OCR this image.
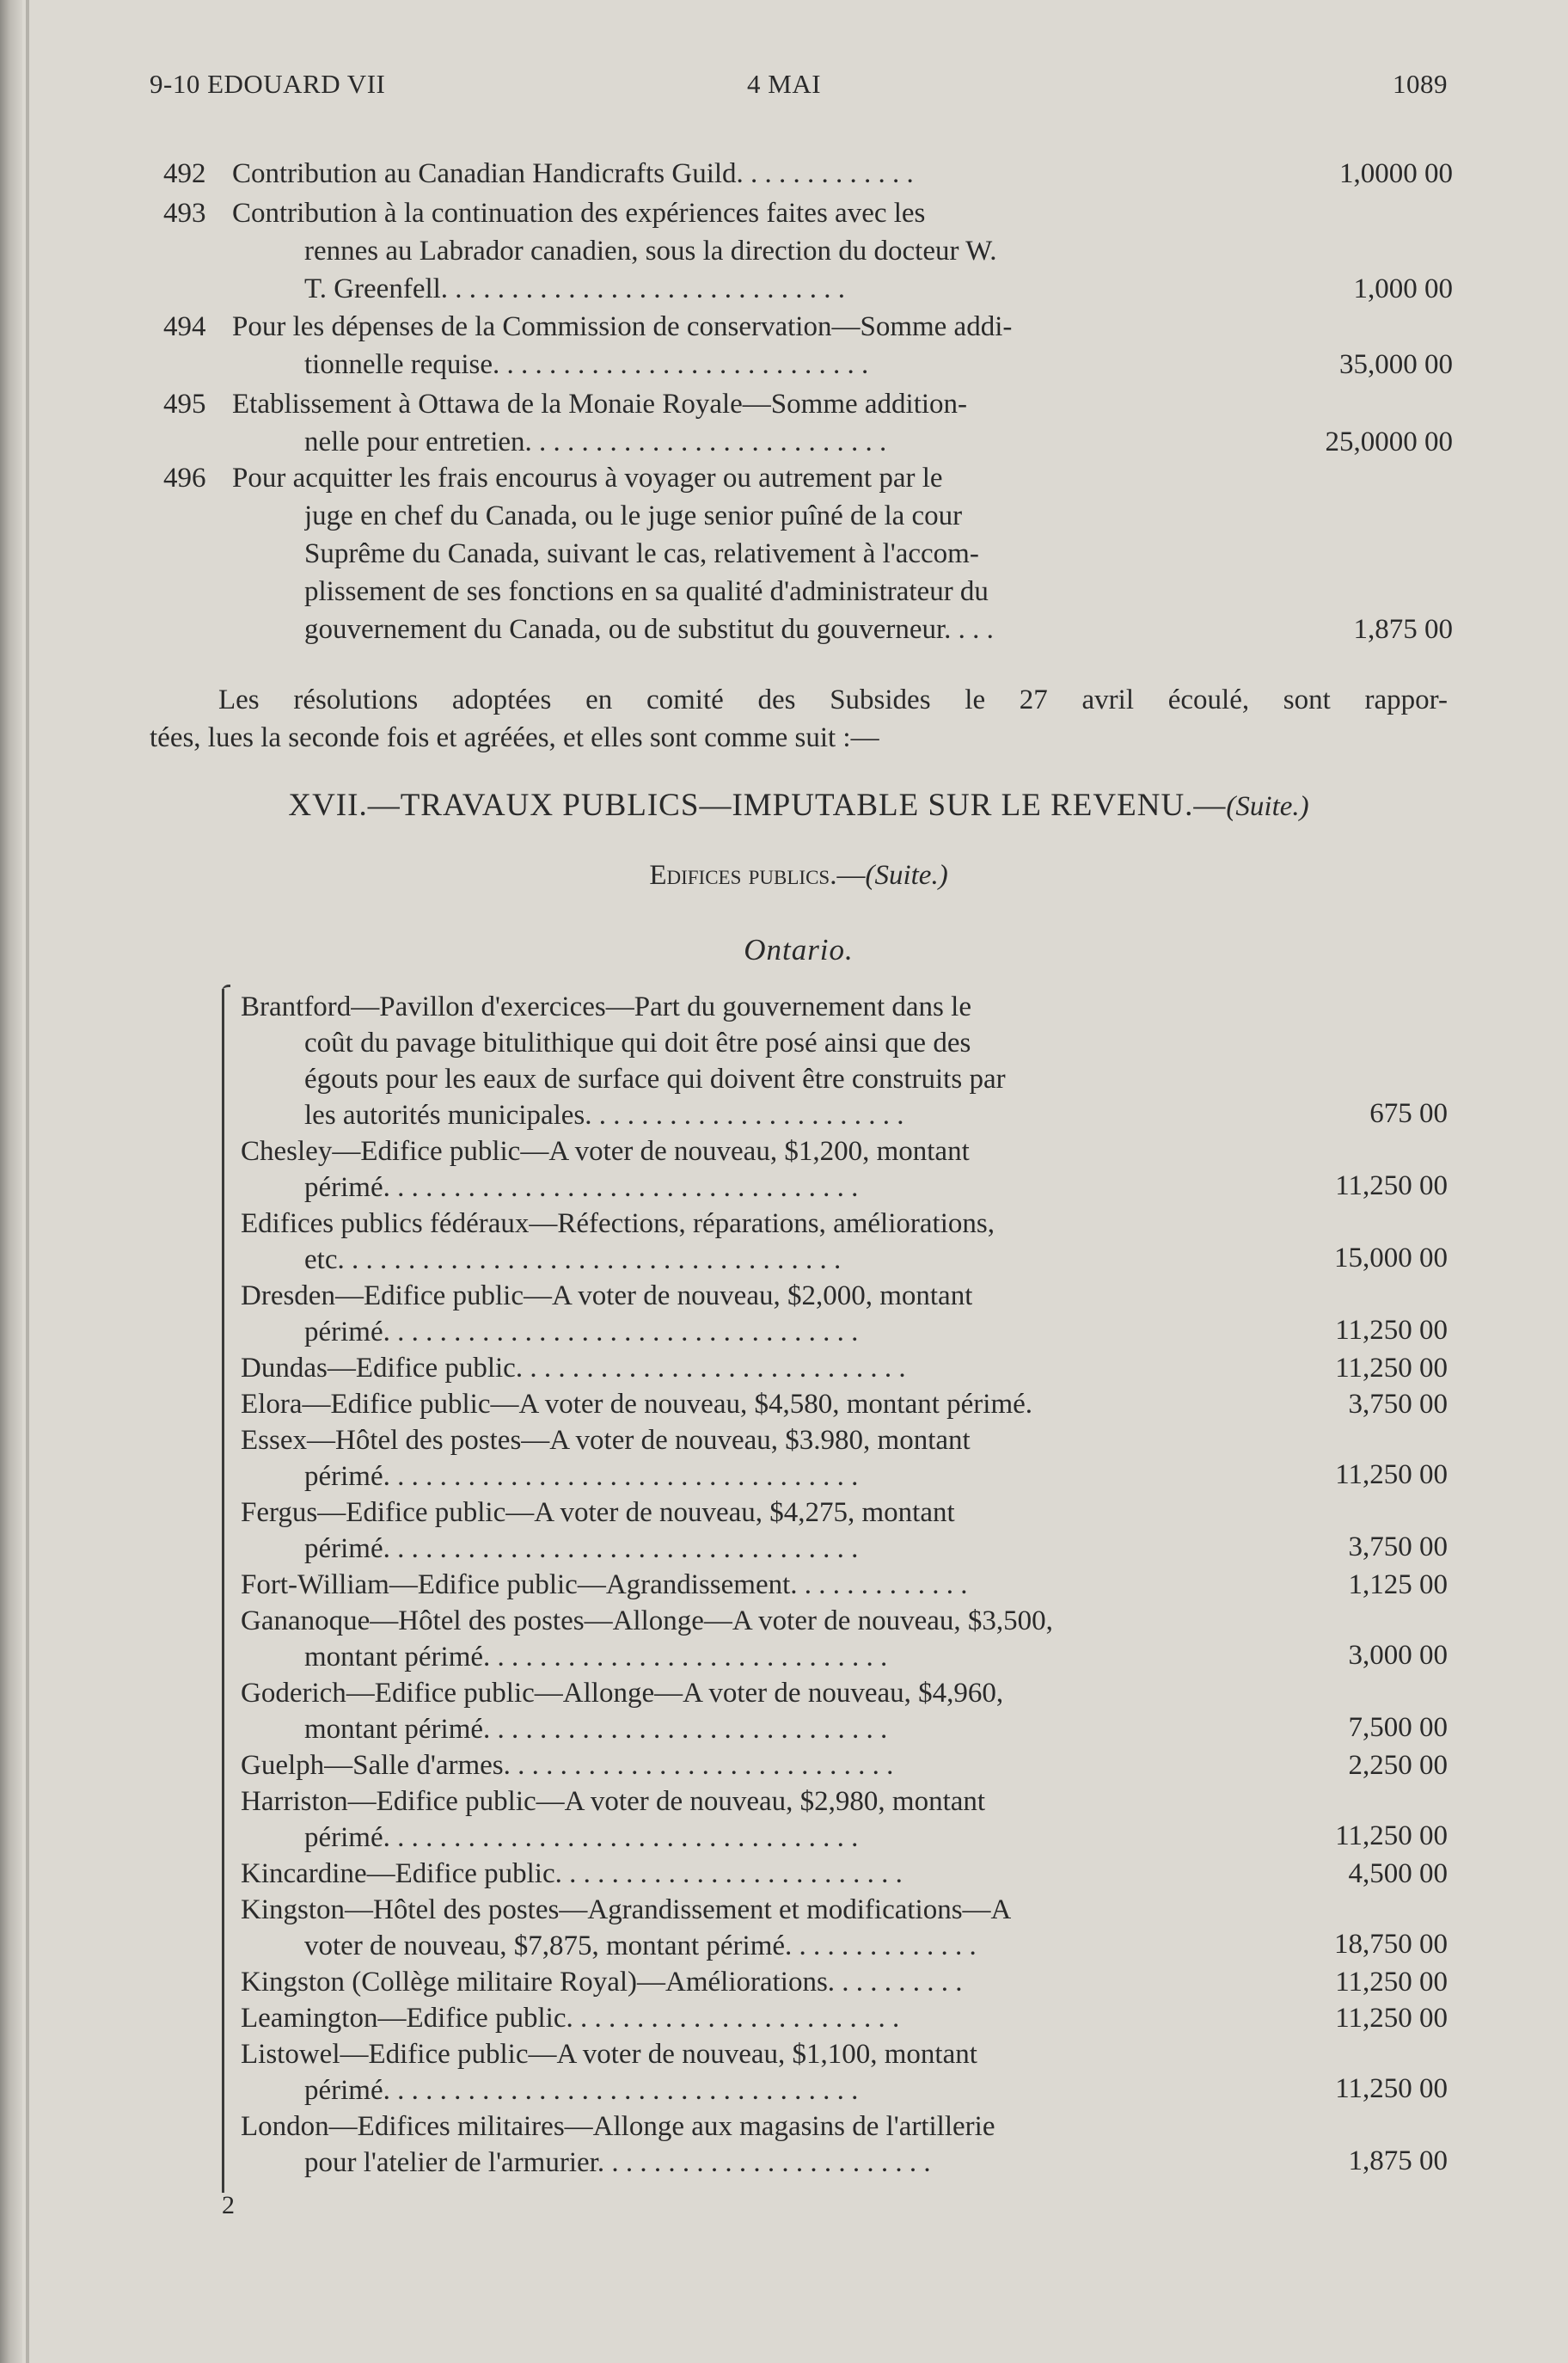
9-10 EDOUARD VII	4 MAI	1089
492 Contribution au Canadian Handicrafts Guild. . . . . . . . . . . . .	1,0000 00
493 Contribution à la continuation des expériences faites avec les
rennes au Labrador canadien, sous la direction du docteur W.
T. Greenfell. . . . . . . . . . . . . . . . . . . . . . . . . . . . .	1,000 00
494 Pour les dépenses de la Commission de conservation—Somme addi-
tionnelle requise. . . . . . . . . . . . . . . . . . . . . . . . . . .	35,000 00
495 Etablissement à Ottawa de la Monaie Royale—Somme addition-
nelle pour entretien. . . . . . . . . . . . . . . . . . . . . . . . . .	25,0000 00
496 Pour acquitter les frais encourus à voyager ou autrement par le
juge en chef du Canada, ou le juge senior puîné de la cour
Suprême du Canada, suivant le cas, relativement à l'accom-
plissement de ses fonctions en sa qualité d'administrateur du
gouvernement du Canada, ou de substitut du gouverneur. . . .	1,875 00
Les résolutions adoptées en comité des Subsides le 27 avril écoulé, sont rappor-
tées, lues la seconde fois et agréées, et elles sont comme suit :—
XVII.—TRAVAUX PUBLICS—IMPUTABLE SUR LE REVENU.—(Suite.)
Edifices publics.—(Suite.)
Ontario.
Brantford—Pavillon d'exercices—Part du gouvernement dans le
coût du pavage bitulithique qui doit être posé ainsi que des
égouts pour les eaux de surface qui doivent être construits par
les autorités municipales. . . . . . . . . . . . . . . . . . . . . . .	675 00
Chesley—Edifice public—A voter de nouveau, $1,200, montant
périmé. . . . . . . . . . . . . . . . . . . . . . . . . . . . . . . . . .	11,250 00
Edifices publics fédéraux—Réfections, réparations, améliorations,
etc. . . . . . . . . . . . . . . . . . . . . . . . . . . . . . . . . . . .	15,000 00
Dresden—Edifice public—A voter de nouveau, $2,000, montant
périmé. . . . . . . . . . . . . . . . . . . . . . . . . . . . . . . . . .	11,250 00
Dundas—Edifice public. . . . . . . . . . . . . . . . . . . . . . . . . . . .	11,250 00
Elora—Edifice public—A voter de nouveau, $4,580, montant périmé.	3,750 00
Essex—Hôtel des postes—A voter de nouveau, $3.980, montant
périmé. . . . . . . . . . . . . . . . . . . . . . . . . . . . . . . . . .	11,250 00
Fergus—Edifice public—A voter de nouveau, $4,275, montant
périmé. . . . . . . . . . . . . . . . . . . . . . . . . . . . . . . . . .	3,750 00
Fort-William—Edifice public—Agrandissement. . . . . . . . . . . . .	1,125 00
Gananoque—Hôtel des postes—Allonge—A voter de nouveau, $3,500,
montant périmé. . . . . . . . . . . . . . . . . . . . . . . . . . . . .	3,000 00
Goderich—Edifice public—Allonge—A voter de nouveau, $4,960,
montant périmé. . . . . . . . . . . . . . . . . . . . . . . . . . . . .	7,500 00
Guelph—Salle d'armes. . . . . . . . . . . . . . . . . . . . . . . . . . . .	2,250 00
Harriston—Edifice public—A voter de nouveau, $2,980, montant
périmé. . . . . . . . . . . . . . . . . . . . . . . . . . . . . . . . . .	11,250 00
Kincardine—Edifice public. . . . . . . . . . . . . . . . . . . . . . . . .	4,500 00
Kingston—Hôtel des postes—Agrandissement et modifications—A
voter de nouveau, $7,875, montant périmé. . . . . . . . . . . . . .	18,750 00
Kingston (Collège militaire Royal)—Améliorations. . . . . . . . . .	11,250 00
Leamington—Edifice public. . . . . . . . . . . . . . . . . . . . . . . .	11,250 00
Listowel—Edifice public—A voter de nouveau, $1,100, montant
périmé. . . . . . . . . . . . . . . . . . . . . . . . . . . . . . . . . .	11,250 00
London—Edifices militaires—Allonge aux magasins de l'artillerie
pour l'atelier de l'armurier. . . . . . . . . . . . . . . . . . . . . . . .	1,875 00
2
